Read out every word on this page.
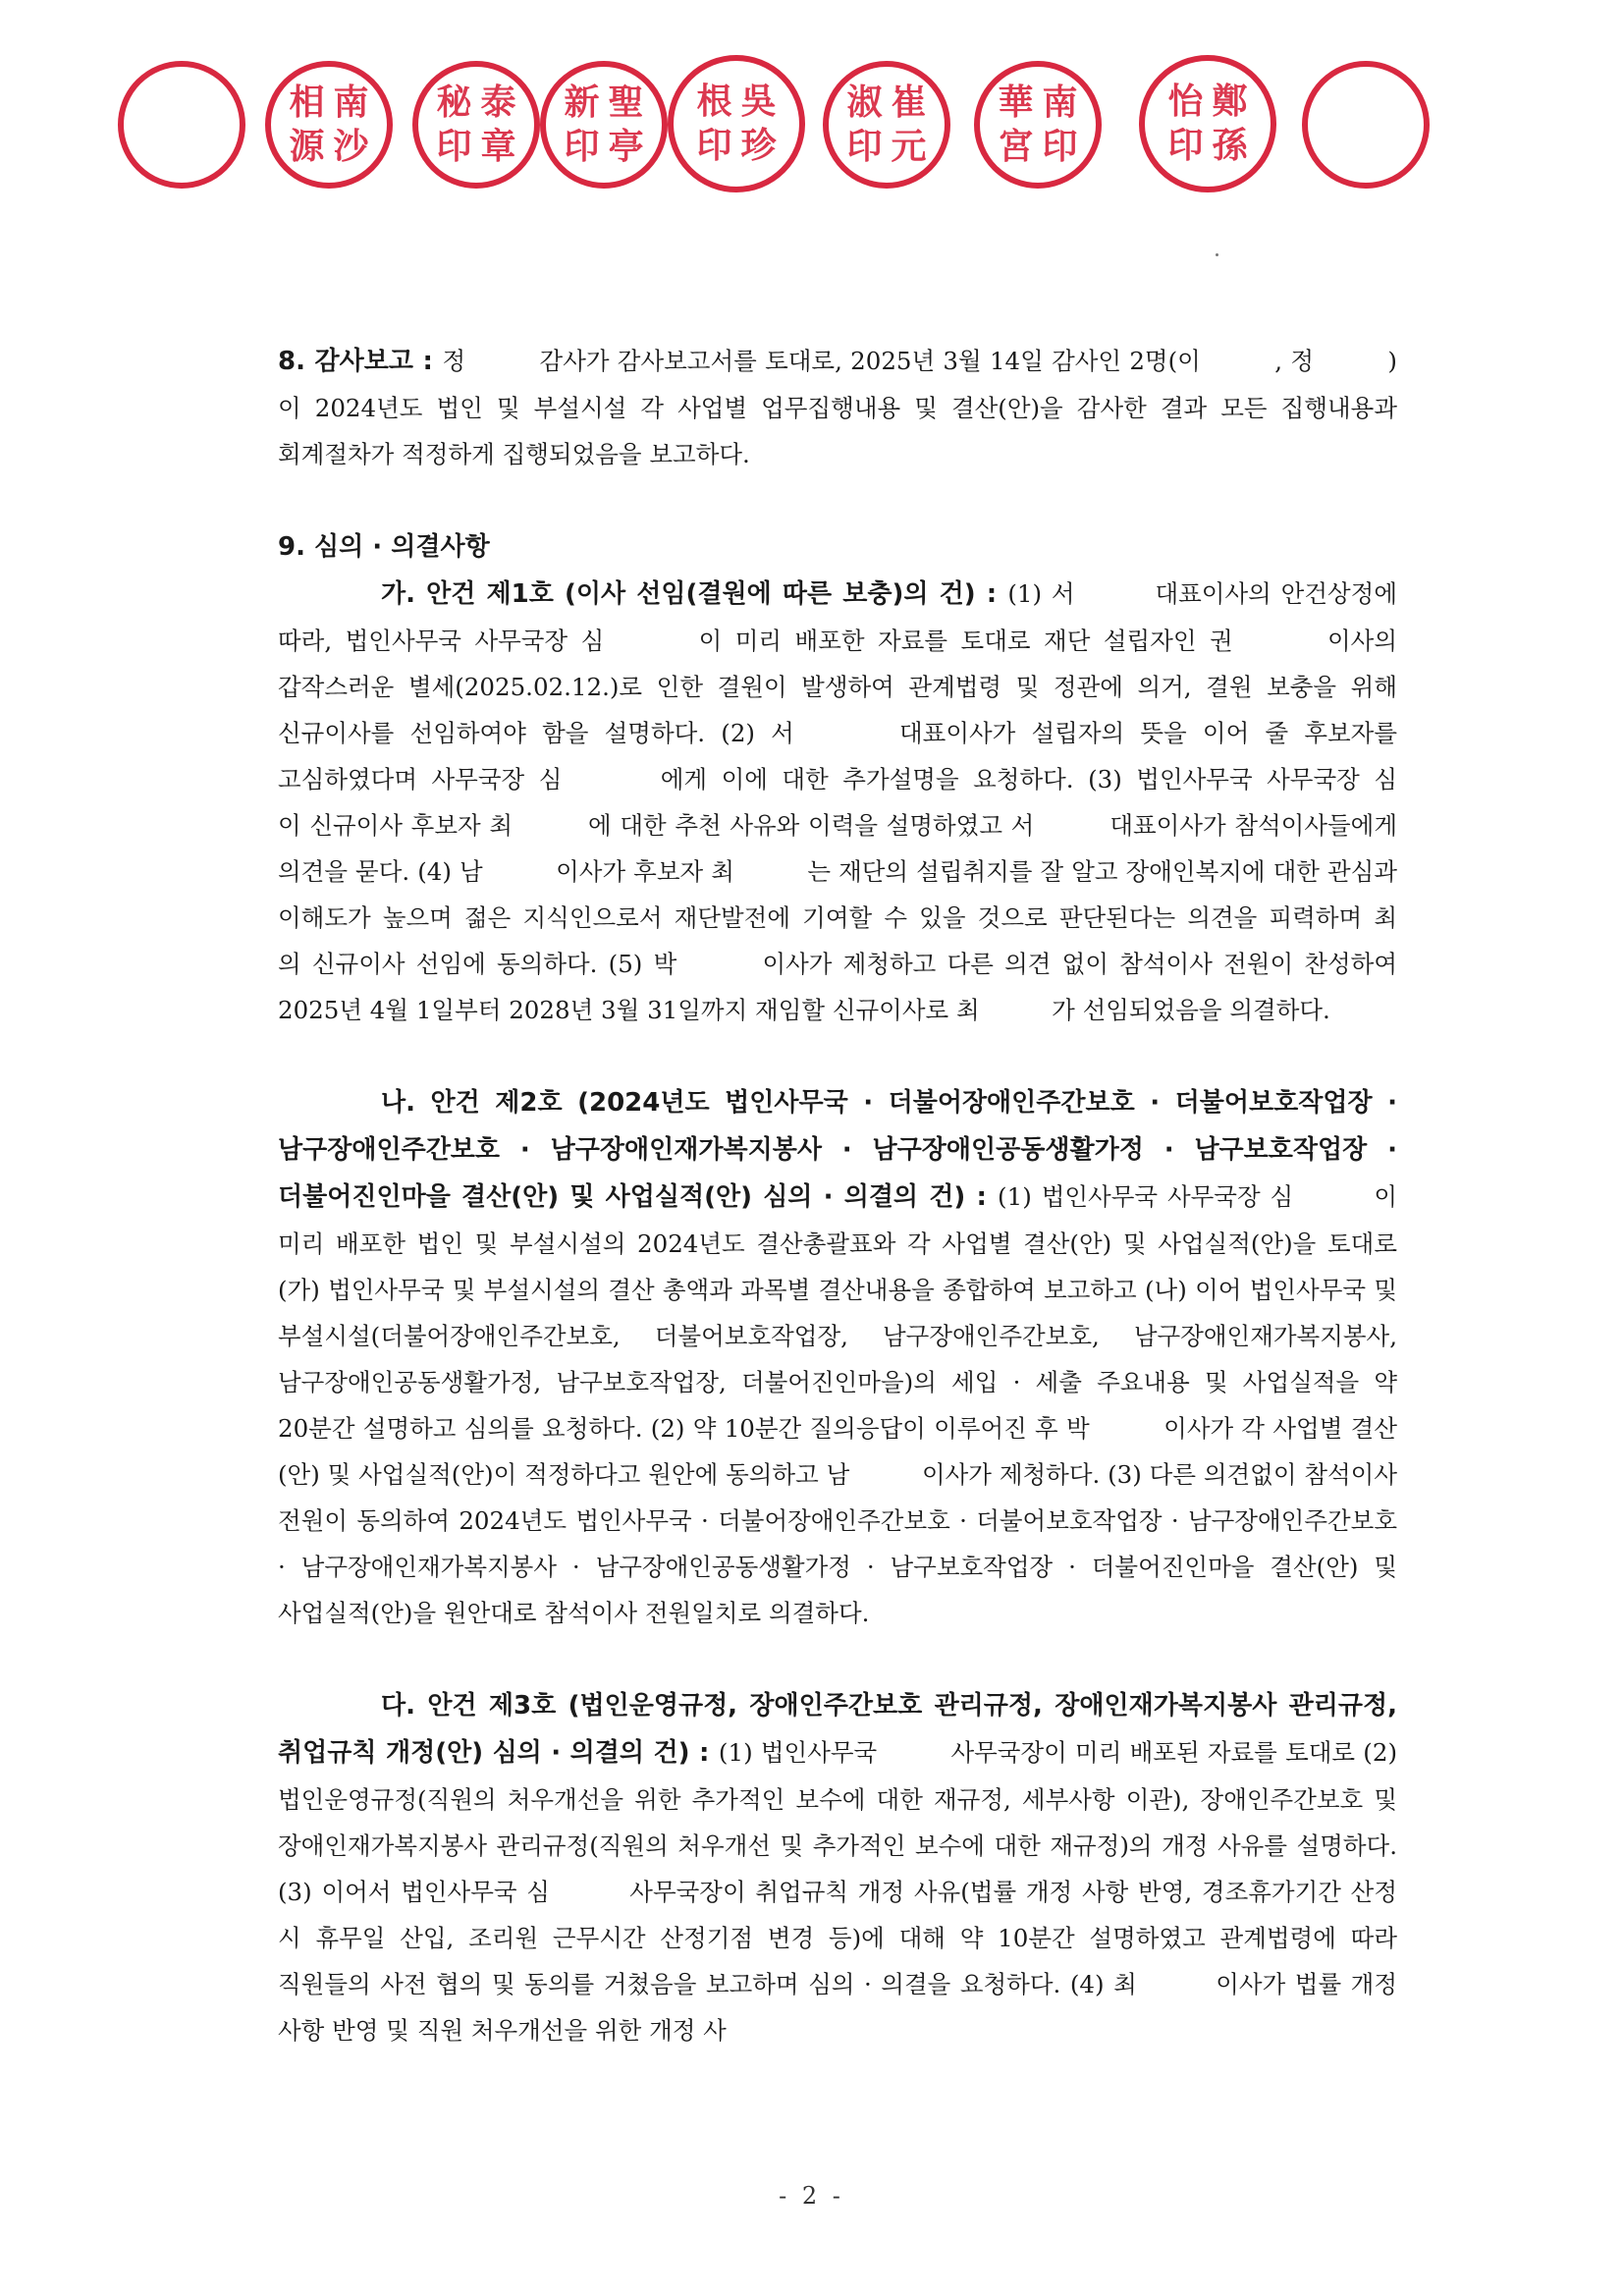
相 南
源 沙
秘 泰
印 章
新 聖
印 亭
根 吳
印 珍
淑 崔
印 元
華 南
宮 印
怡 鄭
印 孫

8. 감사보고 : 정　　　감사가 감사보고서를 토대로, 2025년 3월 14일 감사인 2명(이　　　, 정　　　)이 2024년도 법인 및 부설시설 각 사업별 업무집행내용 및 결산(안)을 감사한 결과 모든 집행내용과 회계절차가 적정하게 집행되었음을 보고하다.

9. 심의 · 의결사항

가. 안건 제1호 (이사 선임(결원에 따른 보충)의 건) : (1) 서　　　대표이사의 안건상정에 따라, 법인사무국 사무국장 심　　　이 미리 배포한 자료를 토대로 재단 설립자인 권　　　이사의 갑작스러운 별세(2025.02.12.)로 인한 결원이 발생하여 관계법령 및 정관에 의거, 결원 보충을 위해 신규이사를 선임하여야 함을 설명하다. (2) 서　　　대표이사가 설립자의 뜻을 이어 줄 후보자를 고심하였다며 사무국장 심　　　에게 이에 대한 추가설명을 요청하다. (3) 법인사무국 사무국장 심　　　이 신규이사 후보자 최　　　에 대한 추천 사유와 이력을 설명하였고 서　　　대표이사가 참석이사들에게 의견을 묻다. (4) 남　　　이사가 후보자 최　　　는 재단의 설립취지를 잘 알고 장애인복지에 대한 관심과 이해도가 높으며 젊은 지식인으로서 재단발전에 기여할 수 있을 것으로 판단된다는 의견을 피력하며 최　　　의 신규이사 선임에 동의하다. (5) 박　　　이사가 제청하고 다른 의견 없이 참석이사 전원이 찬성하여 2025년 4월 1일부터 2028년 3월 31일까지 재임할 신규이사로 최　　　가 선임되었음을 의결하다.

나. 안건 제2호 (2024년도 법인사무국 · 더불어장애인주간보호 · 더불어보호작업장 · 남구장애인주간보호 · 남구장애인재가복지봉사 · 남구장애인공동생활가정 · 남구보호작업장 · 더불어진인마을 결산(안) 및 사업실적(안) 심의 · 의결의 건) : (1) 법인사무국 사무국장 심　　　이 미리 배포한 법인 및 부설시설의 2024년도 결산총괄표와 각 사업별 결산(안) 및 사업실적(안)을 토대로 (가) 법인사무국 및 부설시설의 결산 총액과 과목별 결산내용을 종합하여 보고하고 (나) 이어 법인사무국 및 부설시설(더불어장애인주간보호, 더불어보호작업장, 남구장애인주간보호, 남구장애인재가복지봉사, 남구장애인공동생활가정, 남구보호작업장, 더불어진인마을)의 세입 · 세출 주요내용 및 사업실적을 약 20분간 설명하고 심의를 요청하다. (2) 약 10분간 질의응답이 이루어진 후 박　　　이사가 각 사업별 결산(안) 및 사업실적(안)이 적정하다고 원안에 동의하고 남　　　이사가 제청하다. (3) 다른 의견없이 참석이사 전원이 동의하여 2024년도 법인사무국 · 더불어장애인주간보호 · 더불어보호작업장 · 남구장애인주간보호 · 남구장애인재가복지봉사 · 남구장애인공동생활가정 · 남구보호작업장 · 더불어진인마을 결산(안) 및 사업실적(안)을 원안대로 참석이사 전원일치로 의결하다.

다. 안건 제3호 (법인운영규정, 장애인주간보호 관리규정, 장애인재가복지봉사 관리규정, 취업규칙 개정(안) 심의 · 의결의 건) : (1) 법인사무국　　　사무국장이 미리 배포된 자료를 토대로 (2) 법인운영규정(직원의 처우개선을 위한 추가적인 보수에 대한 재규정, 세부사항 이관), 장애인주간보호 및 장애인재가복지봉사 관리규정(직원의 처우개선 및 추가적인 보수에 대한 재규정)의 개정 사유를 설명하다. (3) 이어서 법인사무국 심　　　사무국장이 취업규칙 개정 사유(법률 개정 사항 반영, 경조휴가기간 산정 시 휴무일 산입, 조리원 근무시간 산정기점 변경 등)에 대해 약 10분간 설명하였고 관계법령에 따라 직원들의 사전 협의 및 동의를 거쳤음을 보고하며 심의 · 의결을 요청하다. (4) 최　　　이사가 법률 개정 사항 반영 및 직원 처우개선을 위한 개정 사

- 2 -
